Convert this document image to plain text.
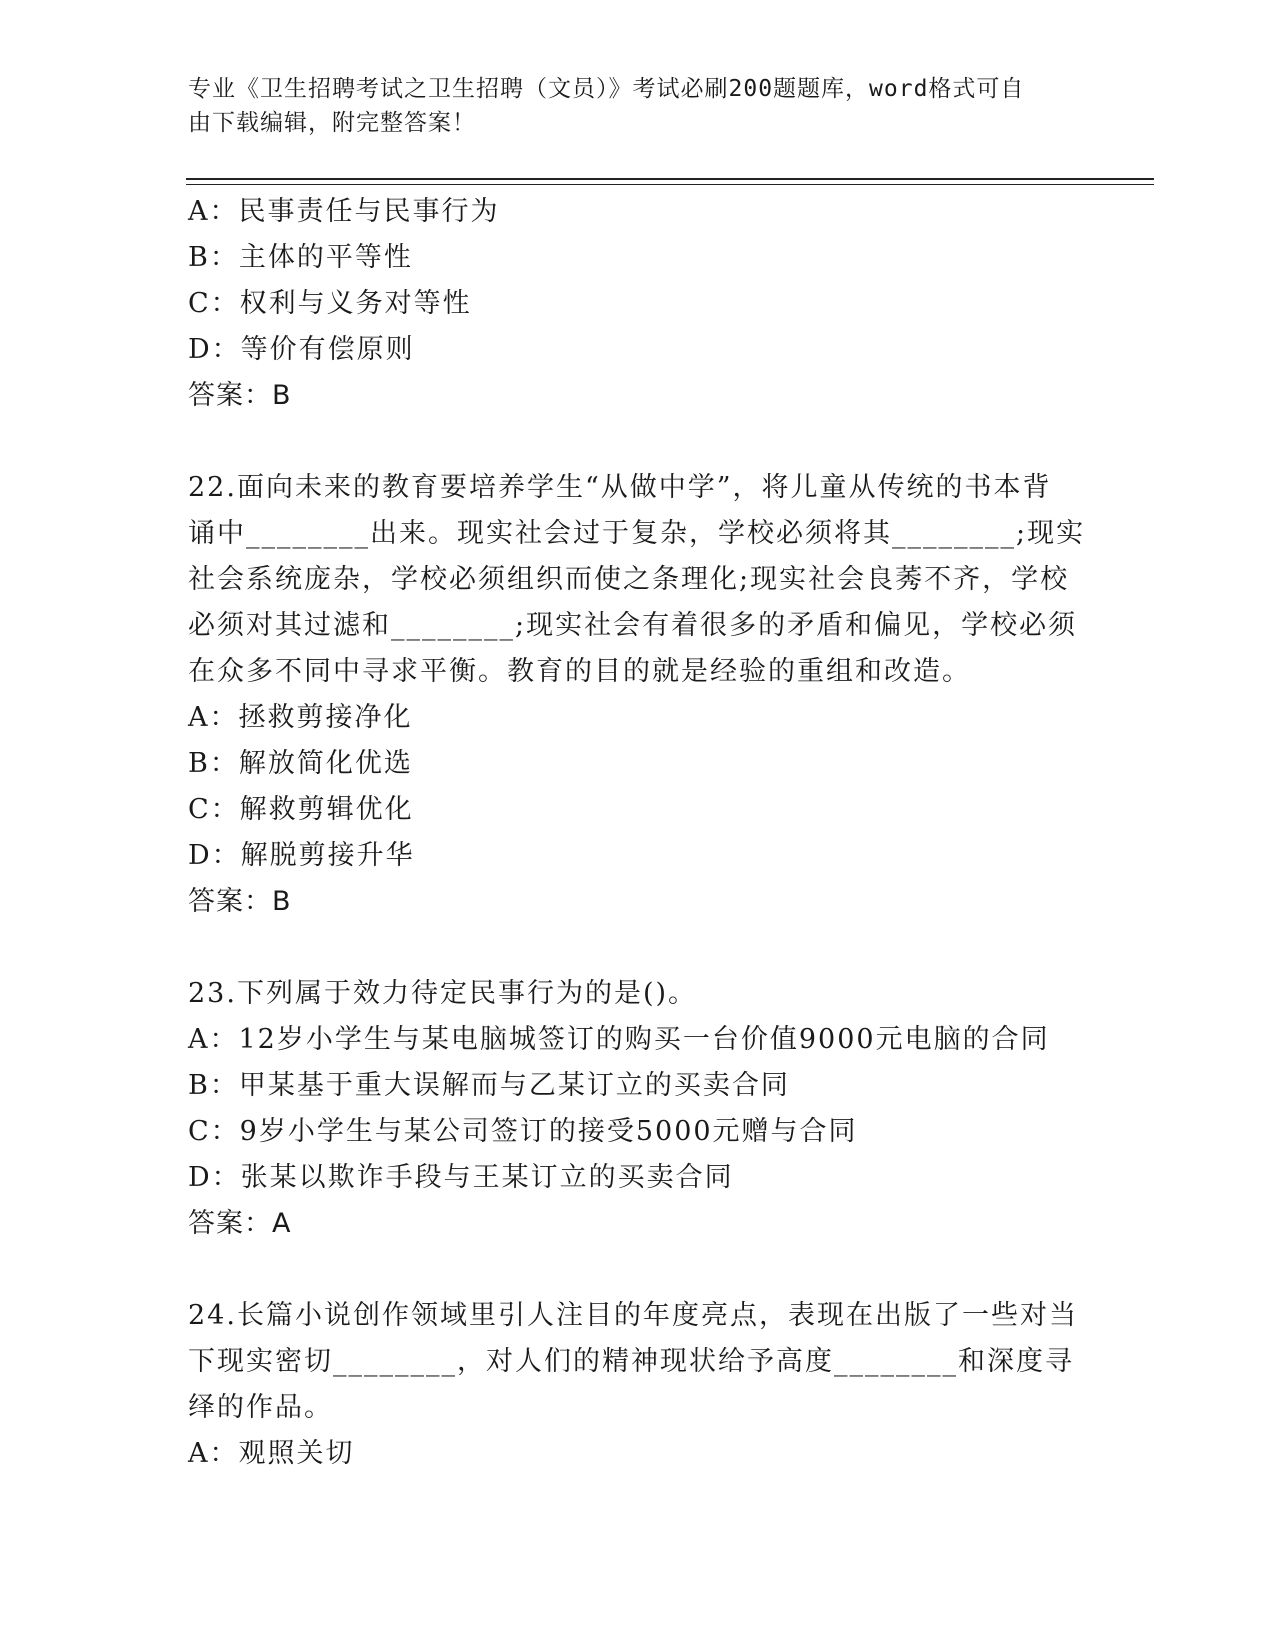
专业《卫生招聘考试之卫生招聘（文员）》考试必刷200题题库，word格式可自
由下载编辑，附完整答案！
A：民事责任与民事行为
B：主体的平等性
C：权利与义务对等性
D：等价有偿原则
答案：B
22.面向未来的教育要培养学生“从做中学”，将儿童从传统的书本背
诵中________出来。现实社会过于复杂，学校必须将其________;现实
社会系统庞杂，学校必须组织而使之条理化;现实社会良莠不齐，学校
必须对其过滤和________;现实社会有着很多的矛盾和偏见，学校必须
在众多不同中寻求平衡。教育的目的就是经验的重组和改造。
A：拯救剪接净化
B：解放简化优选
C：解救剪辑优化
D：解脱剪接升华
答案：B
23.下列属于效力待定民事行为的是()。
A：12岁小学生与某电脑城签订的购买一台价值9000元电脑的合同
B：甲某基于重大误解而与乙某订立的买卖合同
C：9岁小学生与某公司签订的接受5000元赠与合同
D：张某以欺诈手段与王某订立的买卖合同
答案：A
24.长篇小说创作领域里引人注目的年度亮点，表现在出版了一些对当
下现实密切________，对人们的精神现状给予高度________和深度寻
绎的作品。
A：观照关切
